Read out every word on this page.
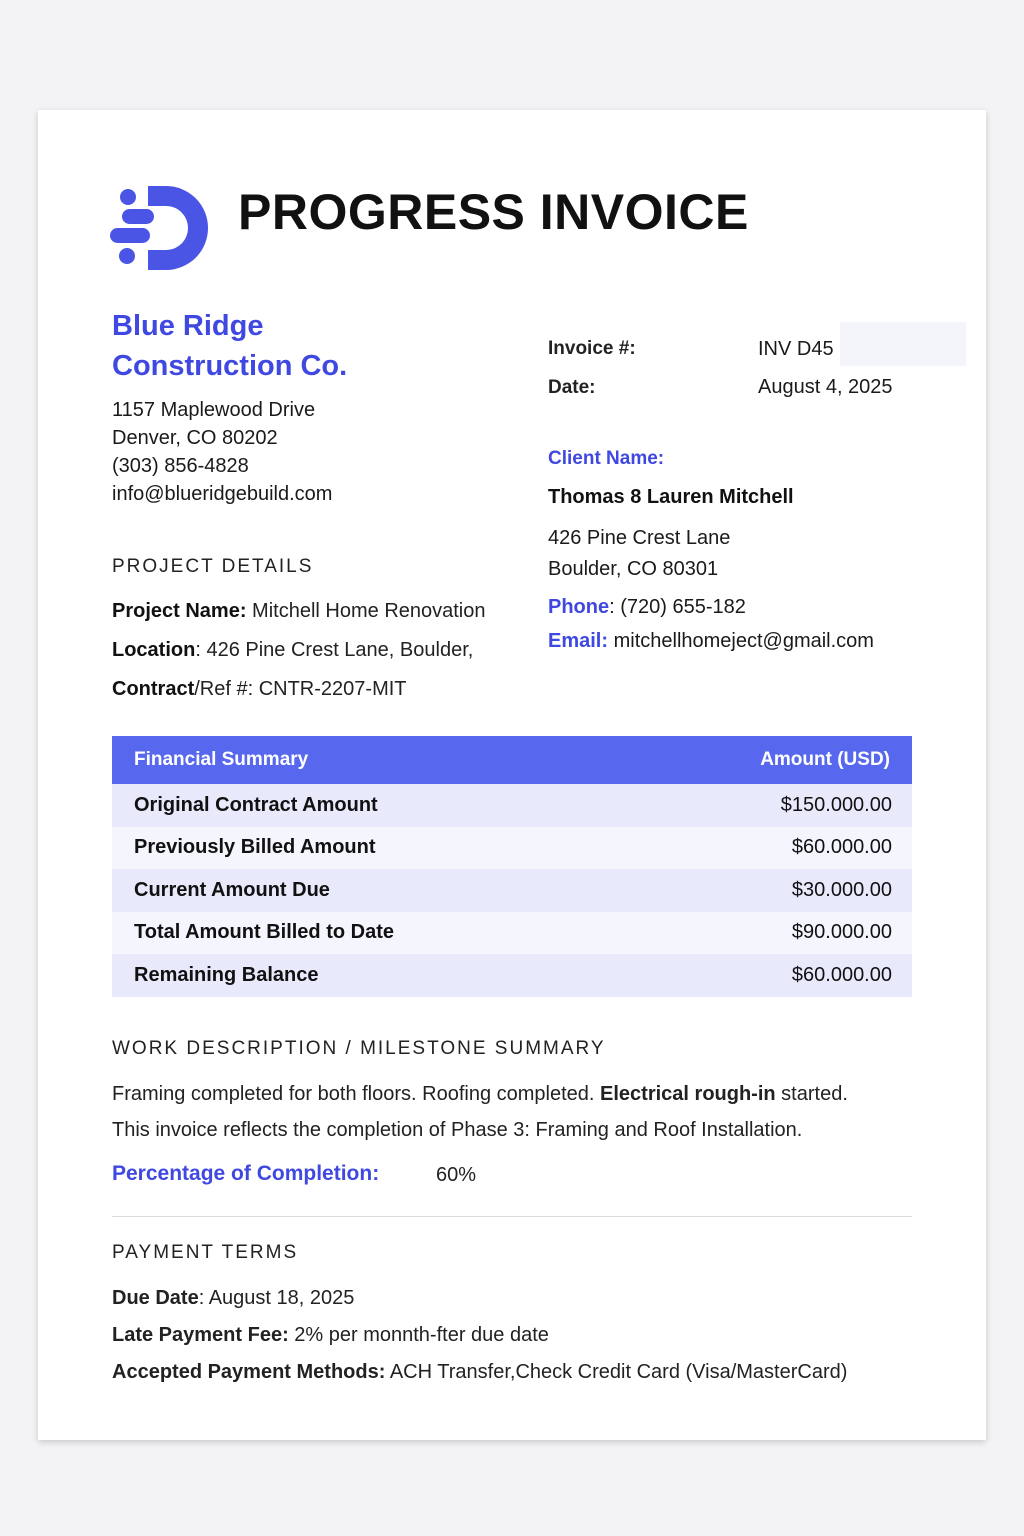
PROGRESS INVOICE
Blue Ridge
Construction Co.
1157 Maplewood Drive
Denver, CO 80202
(303) 856-4828
info@blueridgebuild.com
Invoice #:	INV D45
Date:	August 4, 2025
Client Name:
Thomas 8 Lauren Mitchell
426 Pine Crest Lane
Boulder, CO 80301
Phone: (720) 655-182
Email: mitchellhomeject@gmail.com
PROJECT DETAILS
Project Name: Mitchell Home Renovation
Location: 426 Pine Crest Lane, Boulder,
Contract/Ref #: CNTR-2207-MIT
Financial Summary	Amount (USD)
Original Contract Amount	$150.000.00
Previously Billed Amount	$60.000.00
Current Amount Due	$30.000.00
Total Amount Billed to Date	$90.000.00
Remaining Balance	$60.000.00
WORK DESCRIPTION / MILESTONE SUMMARY
Framing completed for both floors. Roofing completed. Electrical rough-in started.
This invoice reflects the completion of Phase 3: Framing and Roof Installation.
Percentage of Completion:	60%
PAYMENT TERMS
Due Date: August 18, 2025
Late Payment Fee: 2% per monnth-fter due date
Accepted Payment Methods: ACH Transfer,Check Credit Card (Visa/MasterCard)
